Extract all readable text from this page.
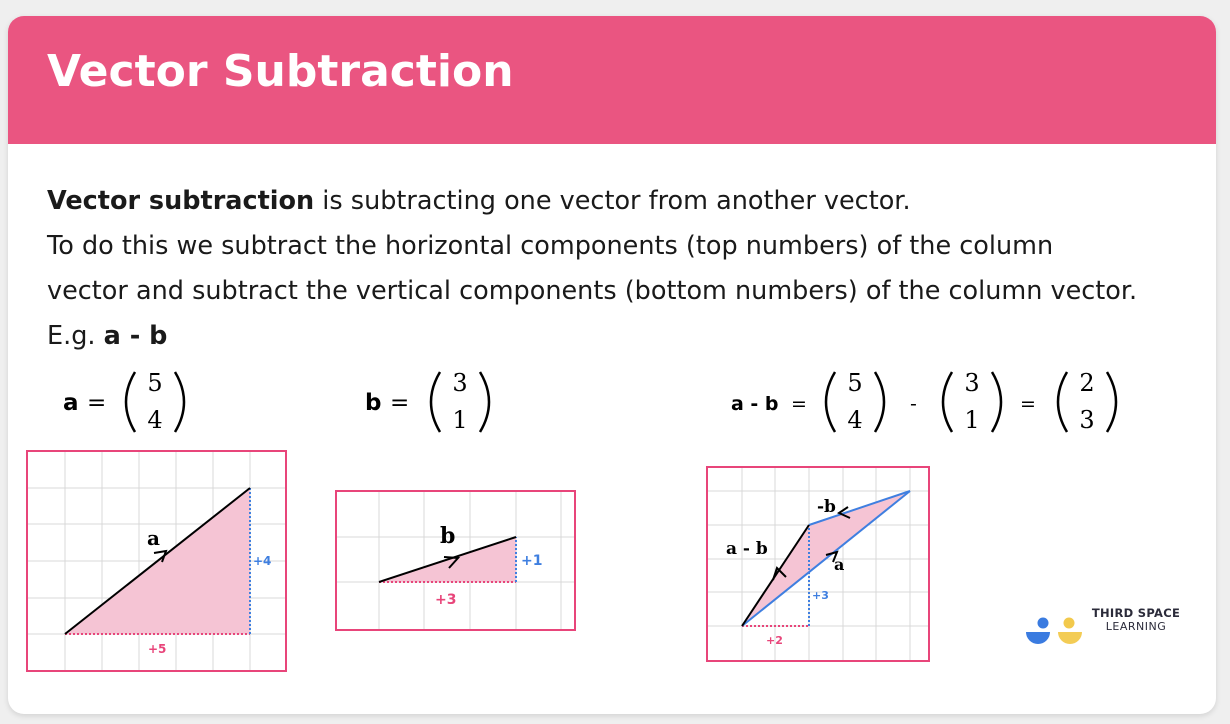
Vector Subtraction

Vector subtraction is subtracting one vector from another vector.

To do this we subtract the horizontal components (top numbers) of the column

vector and subtract the vertical components (bottom numbers) of the column vector.

E.g. a - b

a =
5
4
b =
3
1
a - b =
5
4
-
3
1
=
2
3
a
+4
+5
b
+1
+3
-b
a - b
a
+3
+2
THIRD SPACE
LEARNING
